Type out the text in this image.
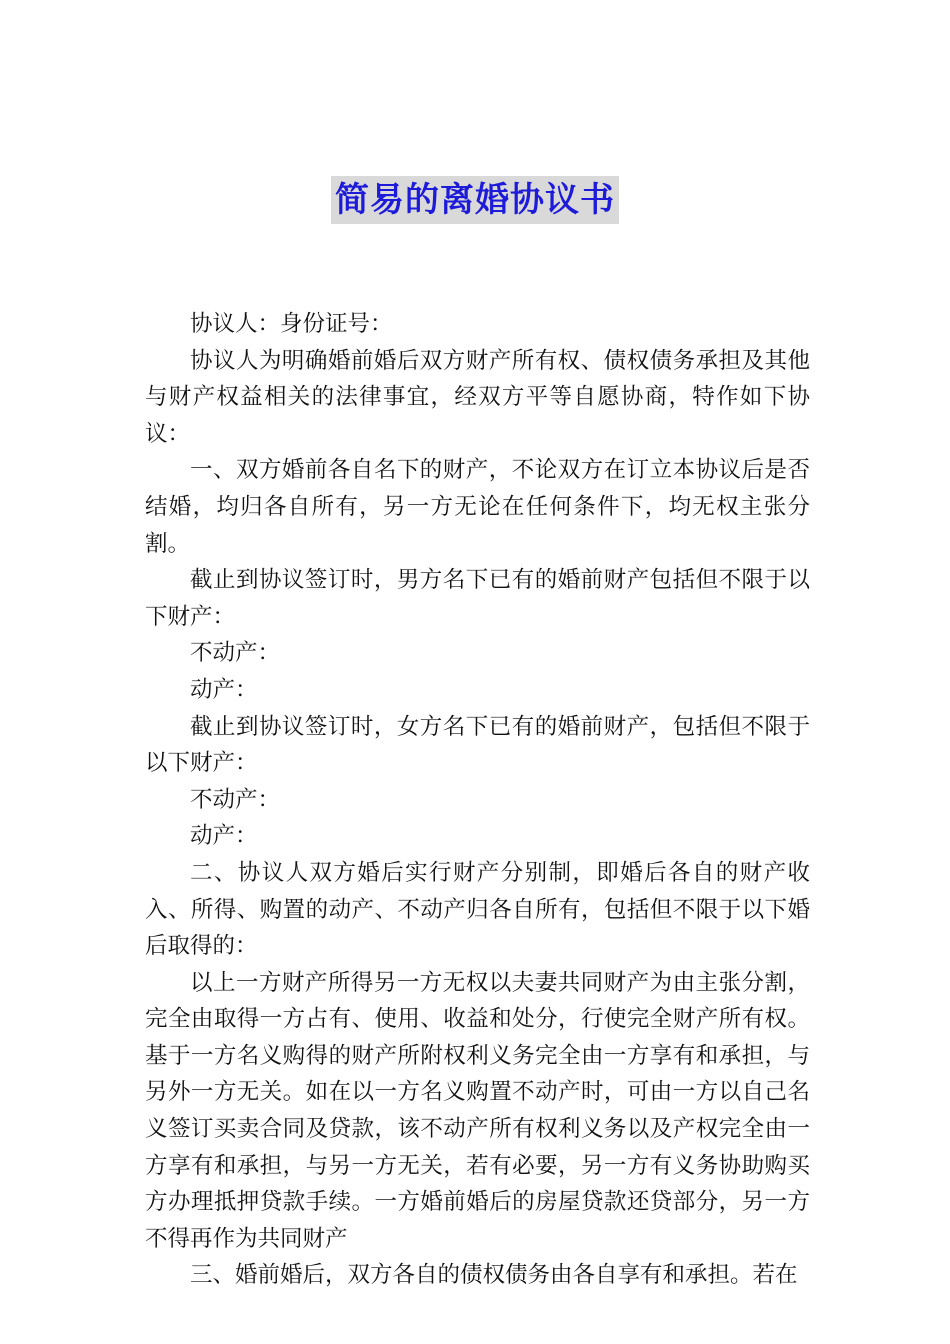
简易的离婚协议书

协议人：身份证号：

协议人为明确婚前婚后双方财产所有权、债权债务承担及其他与财产权益相关的法律事宜，经双方平等自愿协商，特作如下协议：

一、双方婚前各自名下的财产，不论双方在订立本协议后是否结婚，均归各自所有，另一方无论在任何条件下，均无权主张分割。

截止到协议签订时，男方名下已有的婚前财产包括但不限于以下财产：

不动产：

动产：

截止到协议签订时，女方名下已有的婚前财产，包括但不限于以下财产：

不动产：

动产：

二、协议人双方婚后实行财产分别制，即婚后各自的财产收入、所得、购置的动产、不动产归各自所有，包括但不限于以下婚后取得的：

以上一方财产所得另一方无权以夫妻共同财产为由主张分割，完全由取得一方占有、使用、收益和处分，行使完全财产所有权。基于一方名义购得的财产所附权利义务完全由一方享有和承担，与另外一方无关。如在以一方名义购置不动产时，可由一方以自己名义签订买卖合同及贷款，该不动产所有权利义务以及产权完全由一方享有和承担，与另一方无关，若有必要，另一方有义务协助购买方办理抵押贷款手续。一方婚前婚后的房屋贷款还贷部分，另一方不得再作为共同财产

三、婚前婚后，双方各自的债权债务由各自享有和承担。若在
